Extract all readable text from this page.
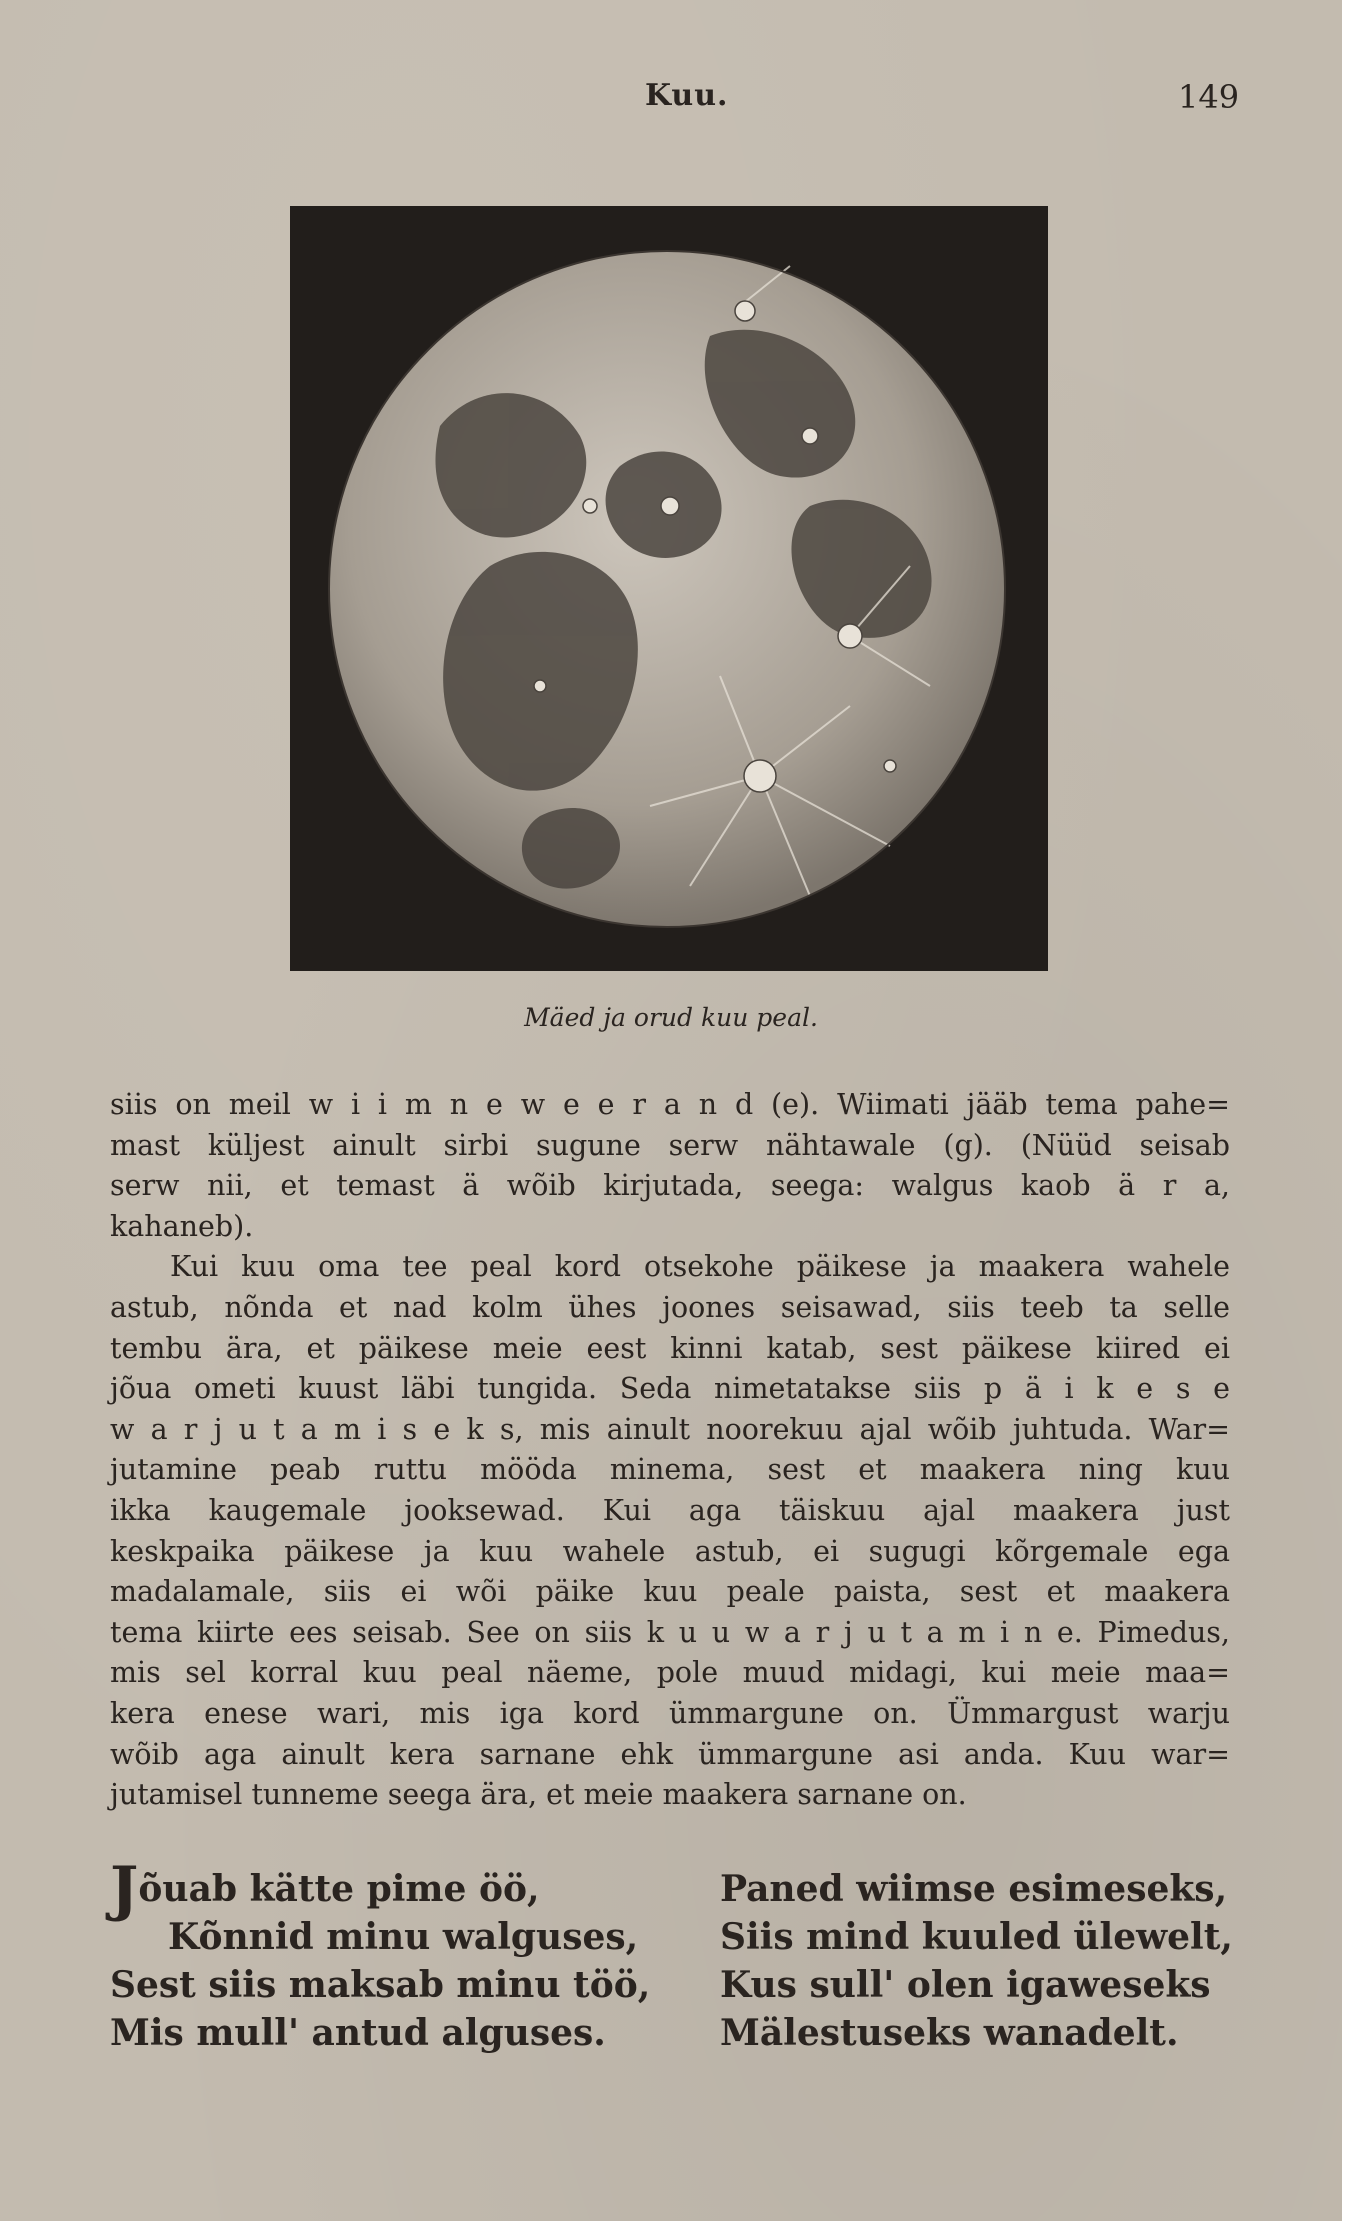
Kuu.	149
Mäed ja orud kuu peal.
siis on meil w i i m n e w e e r a n d (e). Wiimati jääb tema pahe=
mast küljest ainult sirbi sugune serw nähtawale (g). (Nüüd seisab
serw nii, et temast ä wõib kirjutada, seega: walgus kaob ä r a,
kahaneb).
Kui kuu oma tee peal kord otsekohe päikese ja maakera wahele
astub, nõnda et nad kolm ühes joones seisawad, siis teeb ta selle
tembu ära, et päikese meie eest kinni katab, sest päikese kiired ei
jõua ometi kuust läbi tungida. Seda nimetatakse siis p ä i k e s e
w a r j u t a m i s e k s, mis ainult noorekuu ajal wõib juhtuda. War=
jutamine peab ruttu mööda minema, sest et maakera ning kuu
ikka kaugemale jooksewad. Kui aga täiskuu ajal maakera just
keskpaika päikese ja kuu wahele astub, ei sugugi kõrgemale ega
madalamale, siis ei wõi päike kuu peale paista, sest et maakera
tema kiirte ees seisab. See on siis k u u w a r j u t a m i n e. Pimedus,
mis sel korral kuu peal näeme, pole muud midagi, kui meie maa=
kera enese wari, mis iga kord ümmargune on. Ümmargust warju
wõib aga ainult kera sarnane ehk ümmargune asi anda. Kuu war=
jutamisel tunneme seega ära, et meie maakera sarnane on.
Jõuab kätte pime öö,
Kõnnid minu walguses,
Sest siis maksab minu töö,
Mis mull' antud alguses.
Paned wiimse esimeseks,
Siis mind kuuled ülewelt,
Kus sull' olen igaweseks
Mälestuseks wanadelt.
